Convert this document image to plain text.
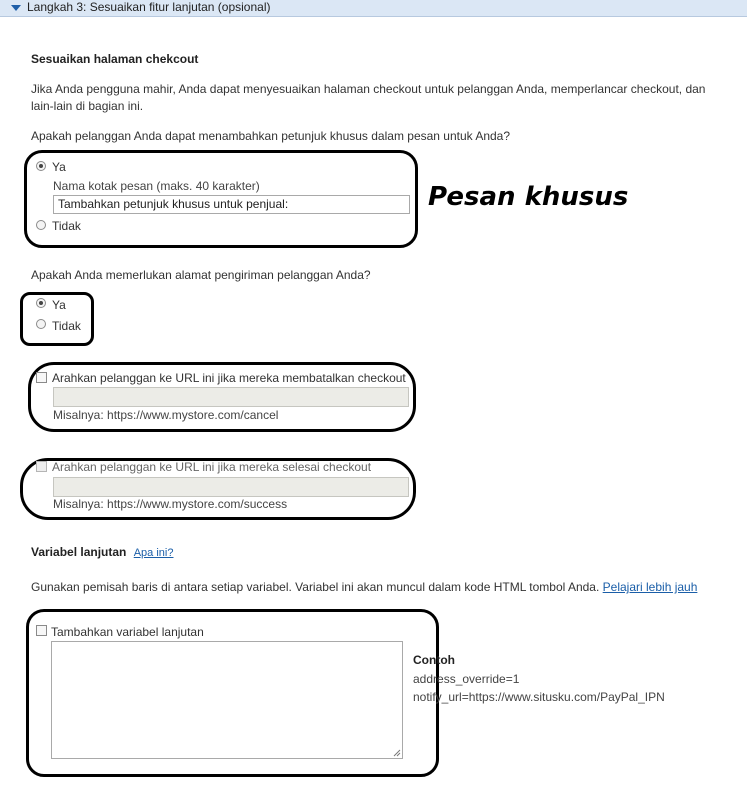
Langkah 3: Sesuaikan fitur lanjutan (opsional)
Sesuaikan halaman chekcout
Jika Anda pengguna mahir, Anda dapat menyesuaikan halaman checkout untuk pelanggan Anda, memperlancar checkout, dan
lain-lain di bagian ini.
Apakah pelanggan Anda dapat menambahkan petunjuk khusus dalam pesan untuk Anda?
Ya
Nama kotak pesan (maks. 40 karakter)
Tambahkan petunjuk khusus untuk penjual:
Tidak
Pesan khusus
Apakah Anda memerlukan alamat pengiriman pelanggan Anda?
Ya
Tidak
Arahkan pelanggan ke URL ini jika mereka membatalkan checkout
Misalnya: https://www.mystore.com/cancel
Arahkan pelanggan ke URL ini jika mereka selesai checkout
Misalnya: https://www.mystore.com/success
Variabel lanjutan Apa ini?
Gunakan pemisah baris di antara setiap variabel. Variabel ini akan muncul dalam kode HTML tombol Anda. Pelajari lebih jauh
Tambahkan variabel lanjutan
Contoh
address_override=1
notify_url=https://www.situsku.com/PayPal_IPN
